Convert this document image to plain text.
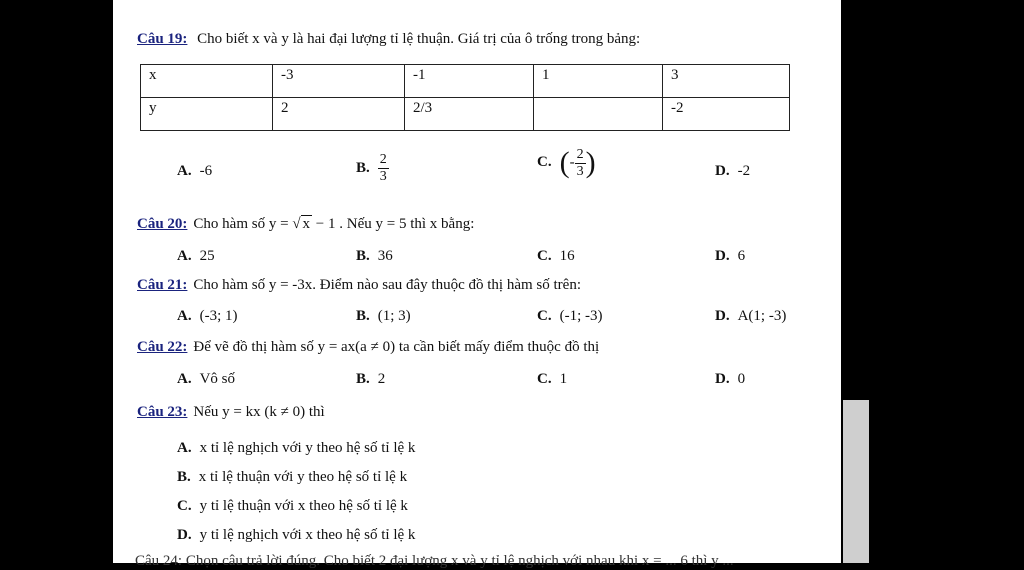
Câu 19: Cho biết x và y là hai đại lượng tỉ lệ thuận. Giá trị của ô trống trong bảng:
x	-3	-1	1	3
y	2	2/3		-2
A. -6	B. $\frac{2}{3}$	C. (- $\frac{2}{3}$ )	D. -2
Câu 20: Cho hàm số y = √ x − 1 . Nếu y = 5 thì x bằng:
A. 25	B. 36	C. 16	D. 6
Câu 21: Cho hàm số y = -3x. Điểm nào sau đây thuộc đồ thị hàm số trên:
A. (-3; 1)	B. (1; 3)	C. (-1; -3)	D. A(1; -3)
Câu 22: Để vẽ đồ thị hàm số y = ax(a ≠ 0) ta cần biết mấy điểm thuộc đồ thị
A. Vô số	B. 2	C. 1	D. 0
Câu 23: Nếu y = kx (k ≠ 0) thì
A. x tỉ lệ nghịch với y theo hệ số tỉ lệ k
B. x tỉ lệ thuận với y theo hệ số tỉ lệ k
C. y tỉ lệ thuận với x theo hệ số tỉ lệ k
D. y tỉ lệ nghịch với x theo hệ số tỉ lệ k
Câu 24: Chọn câu trả lời đúng. Cho biết 2 đại lượng x và y tỉ lệ nghịch với nhau khi x = ... 6 thì y ...
